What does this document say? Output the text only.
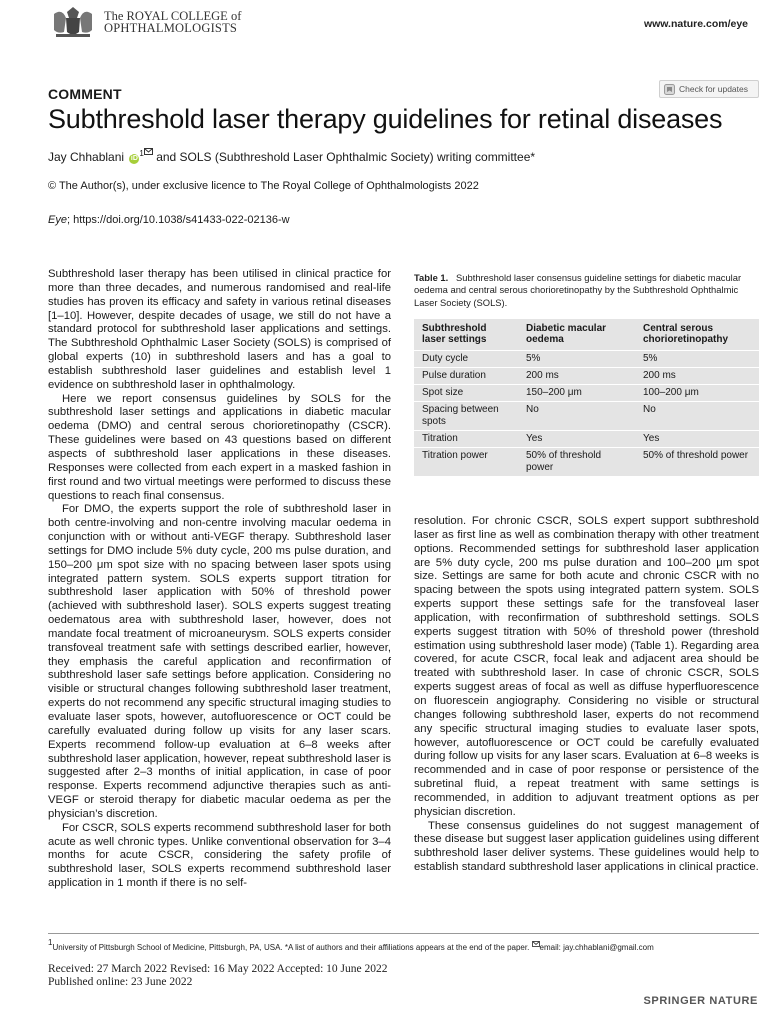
The ROYAL COLLEGE of
OPHTHALMOLOGISTS	www.nature.com/eye
COMMENT	Check for updates
Subthreshold laser therapy guidelines for retinal diseases
Jay Chhablani $iD^1$ and SOLS (Subthreshold Laser Ophthalmic Society) writing committee*
© The Author(s), under exclusive licence to The Royal College of Ophthalmologists 2022
Eye; https://doi.org/10.1038/s41433-022-02136-w

Subthreshold laser therapy has been utilised in clinical practice for more than three decades, and numerous randomised and real-life studies has proven its efficacy and safety in various retinal diseases [1–10]. However, despite decades of usage, we still do not have a standard protocol for subthreshold laser applications and settings. The Subthreshold Ophthalmic Laser Society (SOLS) is comprised of global experts (10) in subthreshold lasers and has a goal to establish subthreshold laser guidelines and establish level 1 evidence on subthreshold laser in ophthalmology.

Here we report consensus guidelines by SOLS for the subthreshold laser settings and applications in diabetic macular oedema (DMO) and central serous chorioretinopathy (CSCR). These guidelines were based on 43 questions based on different aspects of subthreshold laser applications in these diseases. Responses were collected from each expert in a masked fashion in first round and two virtual meetings were performed to discuss these questions to reach final consensus.

For DMO, the experts support the role of subthreshold laser in both centre-involving and non-centre involving macular oedema in conjunction with or without anti-VEGF therapy. Subthreshold laser settings for DMO include 5% duty cycle, 200 ms pulse duration, and 150–200 μm spot size with no spacing between laser spots using integrated pattern system. SOLS experts support titration for subthreshold laser application with 50% of threshold power (achieved with subthreshold laser). SOLS experts suggest treating oedematous area with subthreshold laser, however, does not mandate focal treatment of microaneurysm. SOLS experts consider transfoveal treatment safe with settings described earlier, however, they emphasis the careful application and reconfirmation of subthreshold laser safe settings before application. Considering no visible or structural changes following subthreshold laser treatment, experts do not recommend any specific structural imaging studies to evaluate laser spots, however, autofluorescence or OCT could be carefully evaluated during follow up visits for any laser scars. Experts recommend follow-up evaluation at 6–8 weeks after subthreshold laser application, however, repeat subthreshold laser is suggested after 2–3 months of initial application, in case of poor response. Experts recommend adjunctive therapies such as anti-VEGF or steroid therapy for diabetic macular oedema as per the physician’s discretion.

For CSCR, SOLS experts recommend subthreshold laser for both acute as well chronic types. Unlike conventional observation for 3–4 months for acute CSCR, considering the safety profile of subthreshold laser, SOLS experts recommend subthreshold laser application in 1 month if there is no self-

Table 1. Subthreshold laser consensus guideline settings for diabetic macular oedema and central serous chorioretinopathy by the Subthreshold Ophthalmic Laser Society (SOLS).
Subthreshold laser settings	Diabetic macular oedema	Central serous chorioretinopathy
Duty cycle	5%	5%
Pulse duration	200 ms	200 ms
Spot size	150–200 μm	100–200 μm
Spacing between spots	No	No
Titration	Yes	Yes
Titration power	50% of threshold power	50% of threshold power

resolution. For chronic CSCR, SOLS expert support subthreshold laser as first line as well as combination therapy with other treatment options. Recommended settings for subthreshold laser application are 5% duty cycle, 200 ms pulse duration and 100–200 μm spot size. Settings are same for both acute and chronic CSCR with no spacing between the spots using integrated pattern system. SOLS experts support these settings safe for the transfoveal laser application, with reconfirmation of subthreshold settings. SOLS experts suggest titration with 50% of threshold power (threshold estimation using subthreshold laser mode) (Table 1). Regarding area covered, for acute CSCR, focal leak and adjacent area should be treated with subthreshold laser. In case of chronic CSCR, SOLS experts suggest areas of focal as well as diffuse hyperfluorescence on fluorescein angiography. Considering no visible or structural changes following subthreshold laser, experts do not recommend any specific structural imaging studies to evaluate laser spots, however, autofluorescence or OCT could be carefully evaluated during follow up visits for any laser scars. Evaluation at 6–8 weeks is recommended and in case of poor response or persistence of the subretinal fluid, a repeat treatment with same settings is recommended, in addition to adjuvant treatment options as per physician discretion.

These consensus guidelines do not suggest management of these disease but suggest laser application guidelines using different subthreshold laser deliver systems. These guidelines would help to establish standard subthreshold laser applications in clinical practice.

1University of Pittsburgh School of Medicine, Pittsburgh, PA, USA. *A list of authors and their affiliations appears at the end of the paper. email: jay.chhablani@gmail.com
Received: 27 March 2022 Revised: 16 May 2022 Accepted: 10 June 2022
Published online: 23 June 2022
SPRINGER NATURE
